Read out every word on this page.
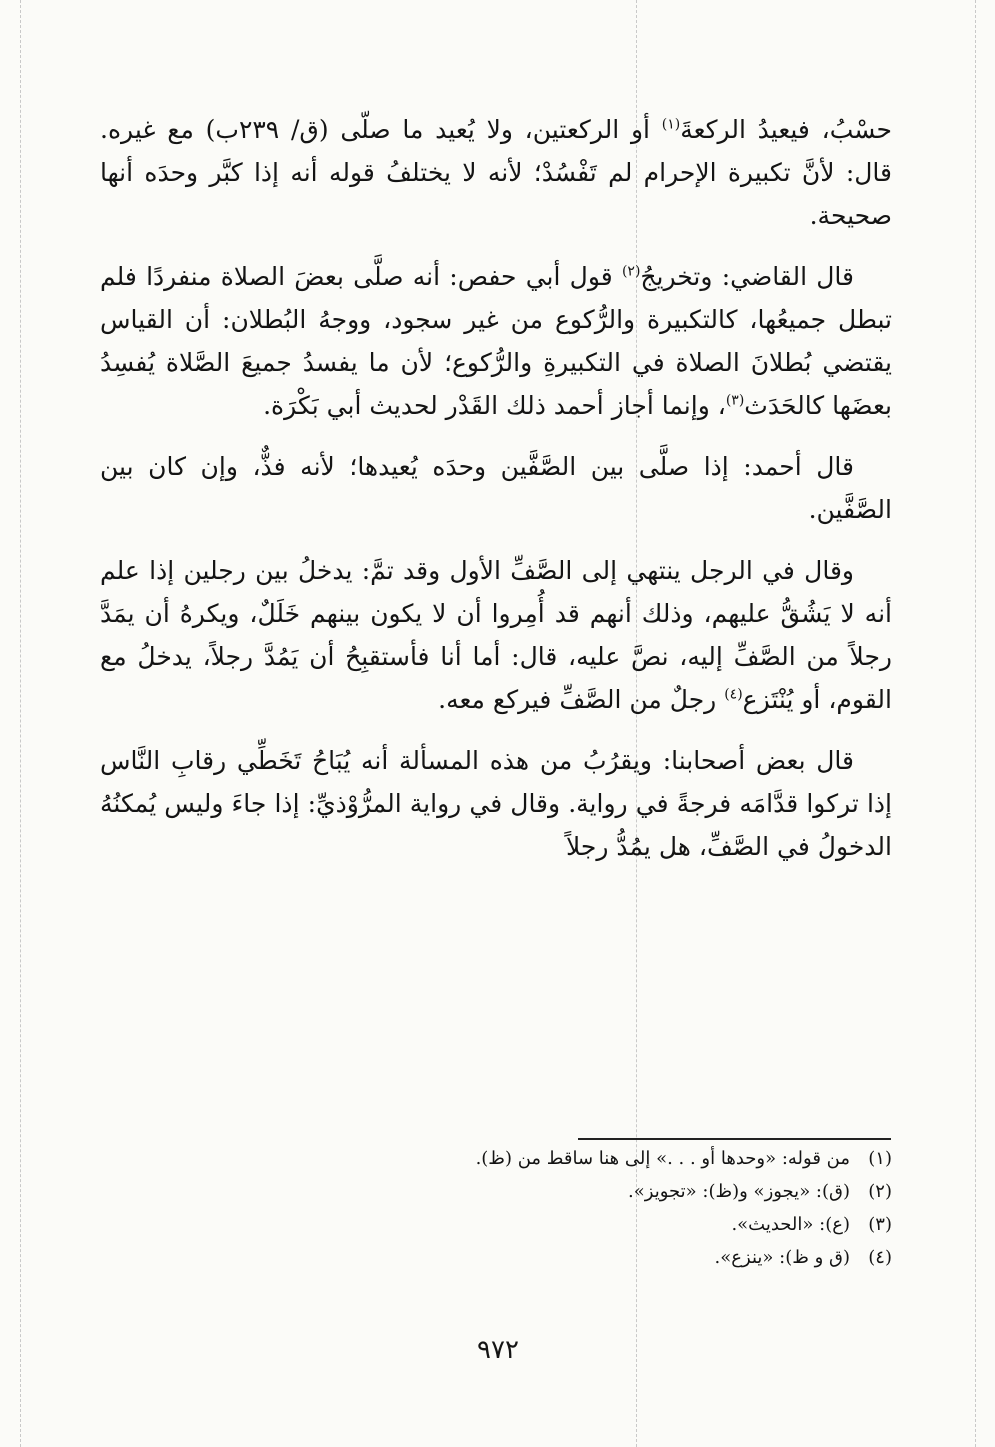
حسْبُ، فيعيدُ الركعةَ$^{(١)}$ أو الركعتين، ولا يُعيد ما صلّى (ق/ ٢٣٩ب) مع غيره. قال: لأنَّ تكبيرة الإحرام لم تَفْسُدْ؛ لأنه لا يختلفُ قوله أنه إذا كبَّر وحدَه أنها صحيحة.

قال القاضي: وتخريجُ$^{(٢)}$ قول أبي حفص: أنه صلَّى بعضَ الصلاة منفردًا فلم تبطل جميعُها، كالتكبيرة والرُّكوع من غير سجود، ووجهُ البُطلان: أن القياس يقتضي بُطلانَ الصلاة في التكبيرةِ والرُّكوع؛ لأن ما يفسدُ جميعَ الصَّلاة يُفسِدُ بعضَها كالحَدَث$^{(٣)}$، وإنما أجاز أحمد ذلك القَدْر لحديث أبي بَكْرَة.

قال أحمد: إذا صلَّى بين الصَّفَّين وحدَه يُعيدها؛ لأنه فذٌّ، وإن كان بين الصَّفَّين.

وقال في الرجل ينتهي إلى الصَّفِّ الأول وقد تمَّ: يدخلُ بين رجلين إذا علم أنه لا يَشُقُّ عليهم، وذلك أنهم قد أُمِروا أن لا يكون بينهم خَلَلٌ، ويكرهُ أن يمَدَّ رجلاً من الصَّفِّ إليه، نصَّ عليه، قال: أما أنا فأستقبِحُ أن يَمُدَّ رجلاً، يدخلُ مع القوم، أو يُنْتَزع$^{(٤)}$ رجلٌ من الصَّفِّ فيركع معه.

قال بعض أصحابنا: ويقرُبُ من هذه المسألة أنه يُبَاحُ تَخَطِّي رقابِ النَّاس إذا تركوا قدَّامَه فرجةً في رواية. وقال في رواية المرُّوْذيِّ: إذا جاءَ وليس يُمكنُهُ الدخولُ في الصَّفِّ، هل يمُدُّ رجلاً

(١)من قوله: «وحدها أو . . .» إلى هنا ساقط من (ظ).

(٢)(ق): «يجوز» و(ظ): «تجويز».

(٣)(ع): «الحديث».

(٤)(ق و ظ): «ينزع».

٩٧٢
